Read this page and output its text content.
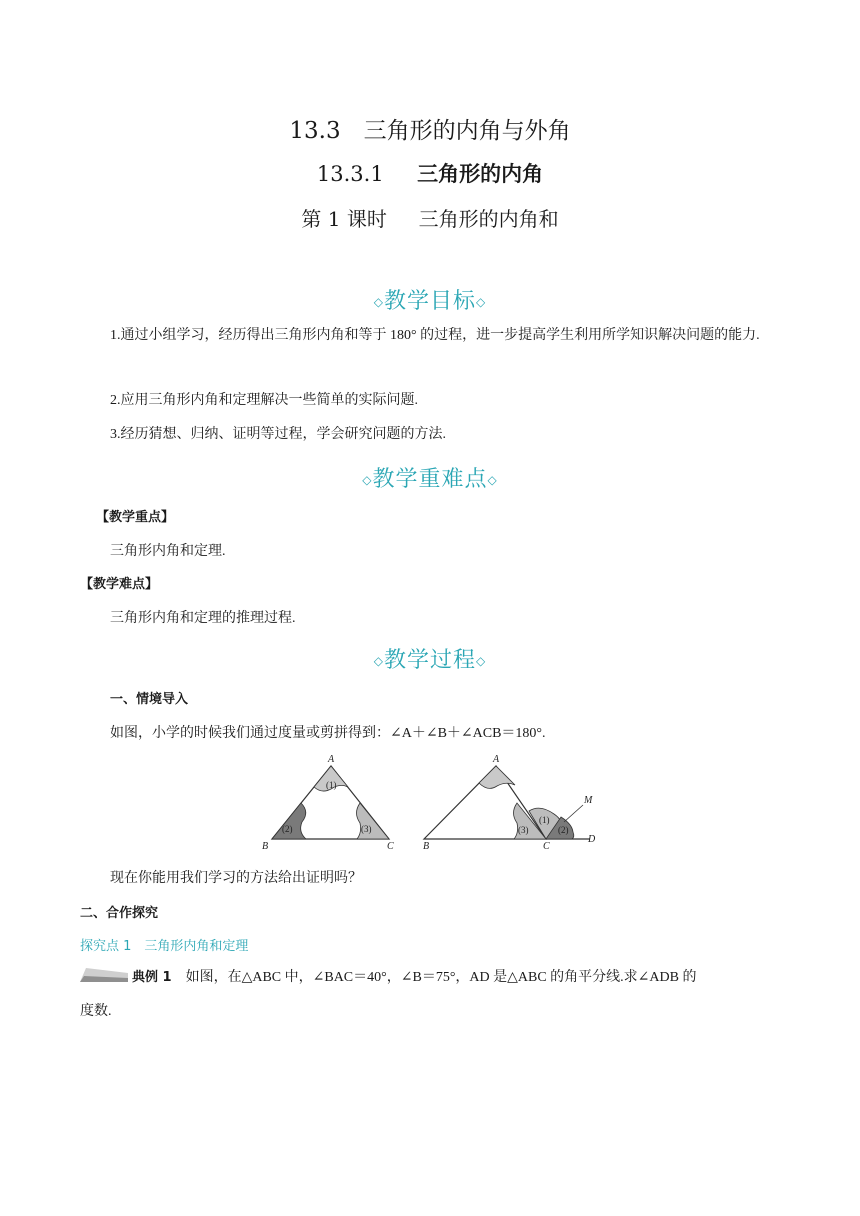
13.3　三角形的内角与外角
13.3.1 三角形的内角
第 1 课时 三角形的内角和
◇教学目标◇
1.通过小组学习，经历得出三角形内角和等于 180° 的过程，进一步提高学生利用所学知识解决问题的能力.
2.应用三角形内角和定理解决一些简单的实际问题.
3.经历猜想、归纳、证明等过程，学会研究问题的方法.
◇教学重难点◇
【教学重点】
三角形内角和定理.
【教学难点】
三角形内角和定理的推理过程.
◇教学过程◇
一、情境导入
如图，小学的时候我们通过度量或剪拼得到：∠A＋∠B＋∠ACB＝180°.
A
B	C
(1)
(2)	(3)
A
B	C
D
M
(1)
(2)
(3)
现在你能用我们学习的方法给出证明吗？
二、合作探究
探究点 1　三角形内角和定理
典例 1 如图，在△ABC 中，∠BAC＝40°，∠B＝75°，AD 是△ABC 的角平分线.求∠ADB 的
度数.
